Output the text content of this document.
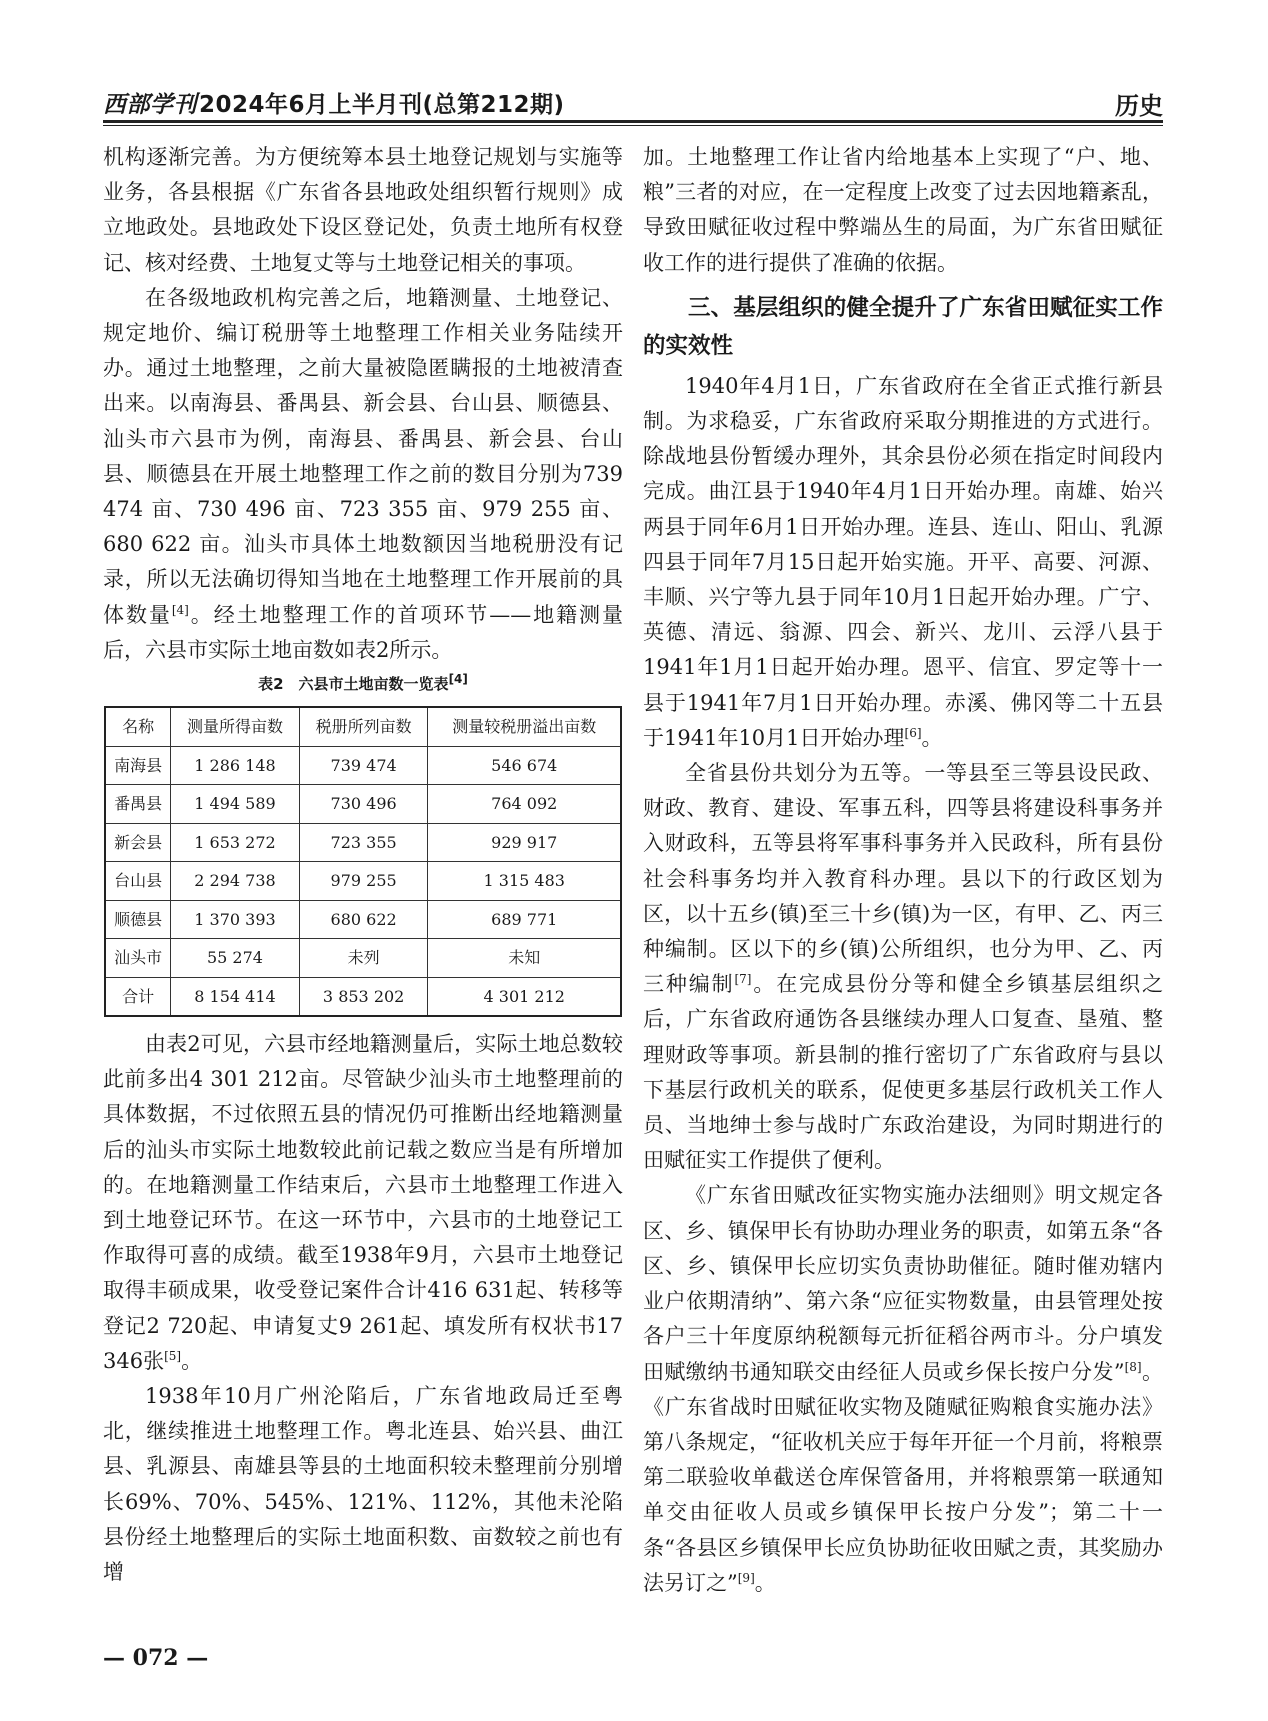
西部学刊2024年6月上半月刊(总第212期)	历史

机构逐渐完善。为方便统筹本县土地登记规划与实施等业务，各县根据《广东省各县地政处组织暂行规则》成立地政处。县地政处下设区登记处，负责土地所有权登记、核对经费、土地复丈等与土地登记相关的事项。

在各级地政机构完善之后，地籍测量、土地登记、规定地价、编订税册等土地整理工作相关业务陆续开办。通过土地整理，之前大量被隐匿瞒报的土地被清查出来。以南海县、番禺县、新会县、台山县、顺德县、汕头市六县市为例，南海县、番禺县、新会县、台山县、顺德县在开展土地整理工作之前的数目分别为739 474 亩、730 496 亩、723 355 亩、979 255 亩、680 622 亩。汕头市具体土地数额因当地税册没有记录，所以无法确切得知当地在土地整理工作开展前的具体数量[4]。经土地整理工作的首项环节——地籍测量后，六县市实际土地亩数如表2所示。

表2　六县市土地亩数一览表[4]
名称	测量所得亩数	税册所列亩数	测量较税册溢出亩数
南海县	1 286 148	739 474	546 674
番禺县	1 494 589	730 496	764 092
新会县	1 653 272	723 355	929 917
台山县	2 294 738	979 255	1 315 483
顺德县	1 370 393	680 622	689 771
汕头市	55 274	未列	未知
合计	8 154 414	3 853 202	4 301 212

由表2可见，六县市经地籍测量后，实际土地总数较此前多出4 301 212亩。尽管缺少汕头市土地整理前的具体数据，不过依照五县的情况仍可推断出经地籍测量后的汕头市实际土地数较此前记载之数应当是有所增加的。在地籍测量工作结束后，六县市土地整理工作进入到土地登记环节。在这一环节中，六县市的土地登记工作取得可喜的成绩。截至1938年9月，六县市土地登记取得丰硕成果，收受登记案件合计416 631起、转移等登记2 720起、申请复丈9 261起、填发所有权状书17 346张[5]。

1938年10月广州沦陷后，广东省地政局迁至粤北，继续推进土地整理工作。粤北连县、始兴县、曲江县、乳源县、南雄县等县的土地面积较未整理前分别增长69%、70%、545%、121%、112%，其他未沦陷县份经土地整理后的实际土地面积数、亩数较之前也有增

加。土地整理工作让省内给地基本上实现了“户、地、粮”三者的对应，在一定程度上改变了过去因地籍紊乱，导致田赋征收过程中弊端丛生的局面，为广东省田赋征收工作的进行提供了准确的依据。

三、基层组织的健全提升了广东省田赋征实工作的实效性

1940年4月1日，广东省政府在全省正式推行新县制。为求稳妥，广东省政府采取分期推进的方式进行。除战地县份暂缓办理外，其余县份必须在指定时间段内完成。曲江县于1940年4月1日开始办理。南雄、始兴两县于同年6月1日开始办理。连县、连山、阳山、乳源四县于同年7月15日起开始实施。开平、高要、河源、丰顺、兴宁等九县于同年10月1日起开始办理。广宁、英德、清远、翁源、四会、新兴、龙川、云浮八县于1941年1月1日起开始办理。恩平、信宜、罗定等十一县于1941年7月1日开始办理。赤溪、佛冈等二十五县于1941年10月1日开始办理[6]。

全省县份共划分为五等。一等县至三等县设民政、财政、教育、建设、军事五科，四等县将建设科事务并入财政科，五等县将军事科事务并入民政科，所有县份社会科事务均并入教育科办理。县以下的行政区划为区，以十五乡(镇)至三十乡(镇)为一区，有甲、乙、丙三种编制。区以下的乡(镇)公所组织，也分为甲、乙、丙三种编制[7]。在完成县份分等和健全乡镇基层组织之后，广东省政府通饬各县继续办理人口复查、垦殖、整理财政等事项。新县制的推行密切了广东省政府与县以下基层行政机关的联系，促使更多基层行政机关工作人员、当地绅士参与战时广东政治建设，为同时期进行的田赋征实工作提供了便利。

《广东省田赋改征实物实施办法细则》明文规定各区、乡、镇保甲长有协助办理业务的职责，如第五条“各区、乡、镇保甲长应切实负责协助催征。随时催劝辖内业户依期清纳”、第六条“应征实物数量，由县管理处按各户三十年度原纳税额每元折征稻谷两市斗。分户填发田赋缴纳书通知联交由经征人员或乡保长按户分发”[8]。《广东省战时田赋征收实物及随赋征购粮食实施办法》第八条规定，“征收机关应于每年开征一个月前，将粮票第二联验收单截送仓库保管备用，并将粮票第一联通知单交由征收人员或乡镇保甲长按户分发”；第二十一条“各县区乡镇保甲长应负协助征收田赋之责，其奖励办法另订之”[9]。

— 072 —
